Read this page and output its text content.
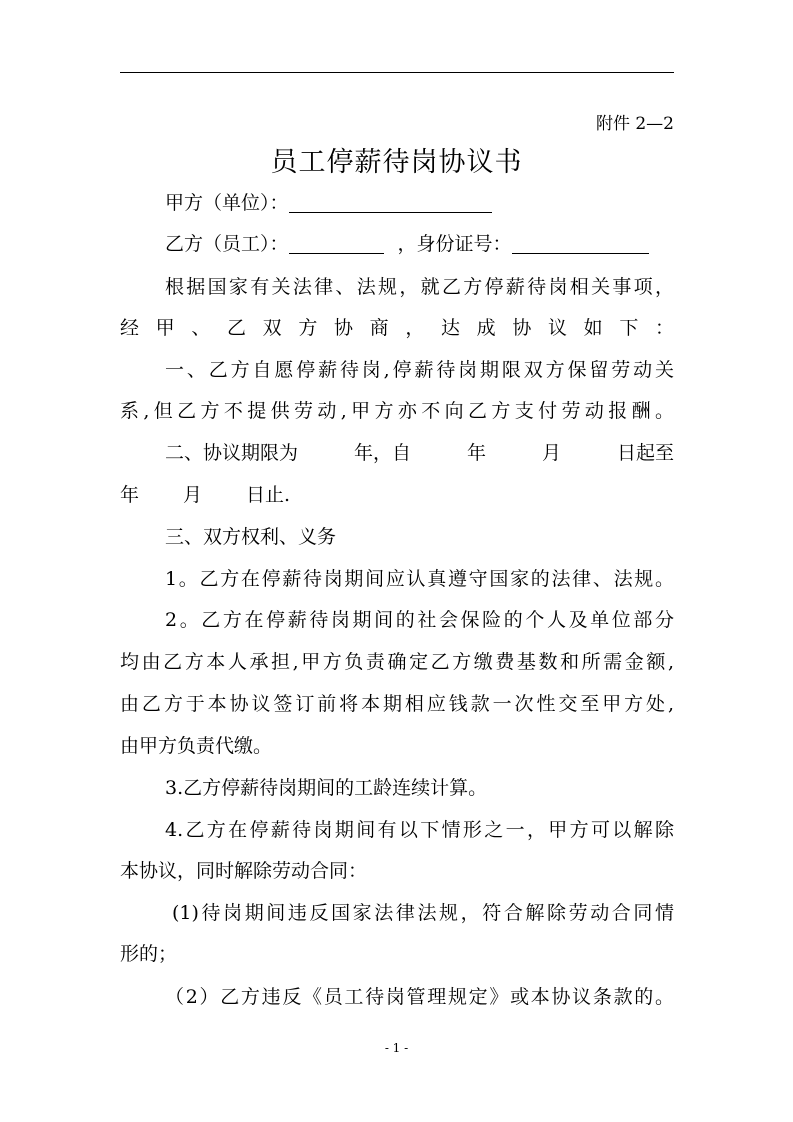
附件 2—2
员工停薪待岗协议书
甲方（单位）：
乙方（员工）：	，身份证号：
根据国家有关法律、法规，就乙方停薪待岗相关事项，
经甲、乙双方协商，达成协议如下：
一、乙方自愿停薪待岗,停薪待岗期限双方保留劳动关
系,但乙方不提供劳动,甲方亦不向乙方支付劳动报酬。
二、协议期限为	年，自	年	月	日起至
年 月 日止.
三、双方权利、义务
1。乙方在停薪待岗期间应认真遵守国家的法律、法规。
2。乙方在停薪待岗期间的社会保险的个人及单位部分
均由乙方本人承担,甲方负责确定乙方缴费基数和所需金额,
由乙方于本协议签订前将本期相应钱款一次性交至甲方处,
由甲方负责代缴。
3.乙方停薪待岗期间的工龄连续计算。
4.乙方在停薪待岗期间有以下情形之一，甲方可以解除
本协议，同时解除劳动合同：
(1)待岗期间违反国家法律法规，符合解除劳动合同情
形的；
（2）乙方违反《员工待岗管理规定》或本协议条款的。
- 1 -
